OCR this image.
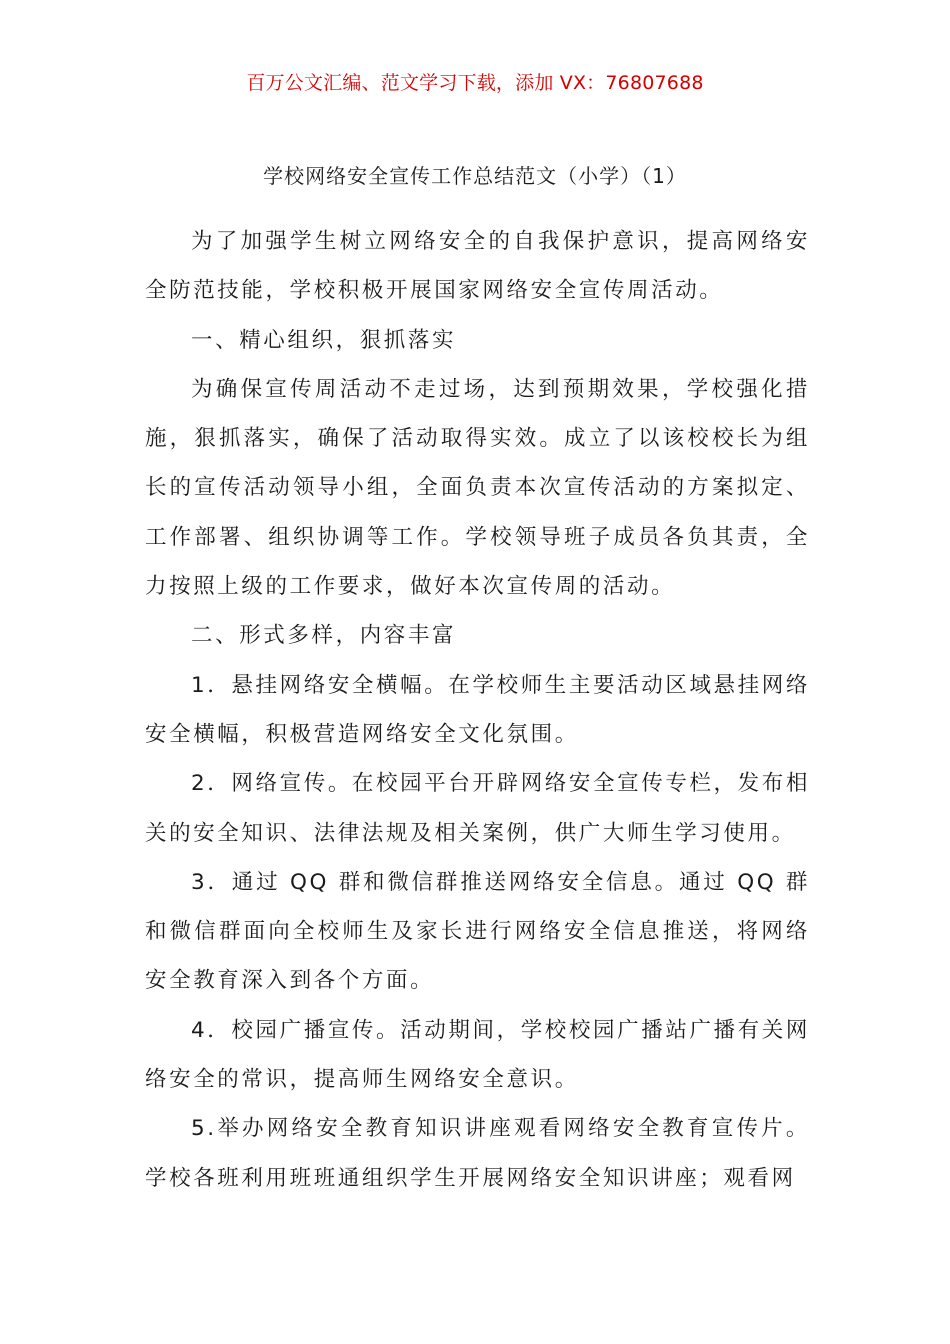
百万公文汇编、范文学习下载，添加 VX：76807688
学校网络安全宣传工作总结范文（小学）（1）

为了加强学生树立网络安全的自我保护意识，提高网络安全防范技能，学校积极开展国家网络安全宣传周活动。

一、精心组织，狠抓落实

为确保宣传周活动不走过场，达到预期效果，学校强化措施，狠抓落实，确保了活动取得实效。成立了以该校校长为组长的宣传活动领导小组，全面负责本次宣传活动的方案拟定、工作部署、组织协调等工作。学校领导班子成员各负其责，全力按照上级的工作要求，做好本次宣传周的活动。

二、形式多样，内容丰富

1．悬挂网络安全横幅。在学校师生主要活动区域悬挂网络安全横幅，积极营造网络安全文化氛围。

2．网络宣传。在校园平台开辟网络安全宣传专栏，发布相关的安全知识、法律法规及相关案例，供广大师生学习使用。

3．通过 QQ 群和微信群推送网络安全信息。通过 QQ 群和微信群面向全校师生及家长进行网络安全信息推送，将网络安全教育深入到各个方面。

4．校园广播宣传。活动期间，学校校园广播站广播有关网络安全的常识，提高师生网络安全意识。

5.举办网络安全教育知识讲座观看网络安全教育宣传片。学校各班利用班班通组织学生开展网络安全知识讲座；观看网
